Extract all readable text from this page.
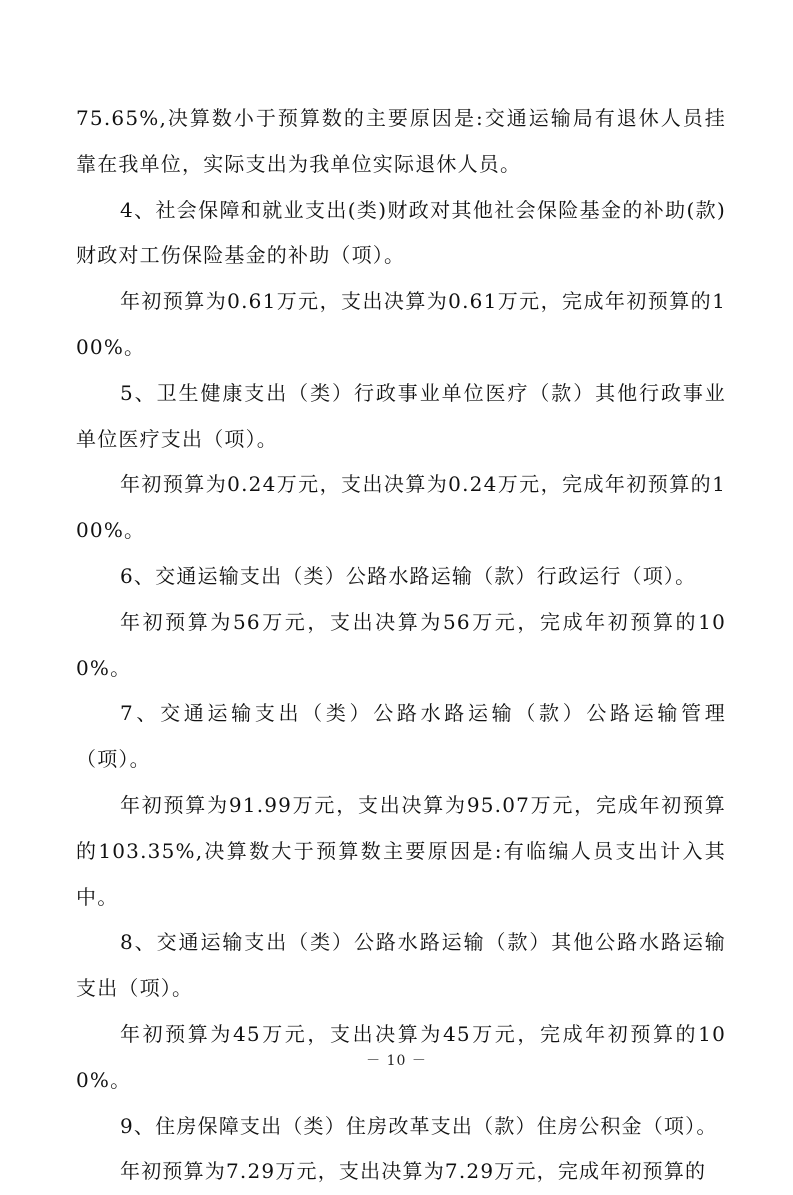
75.65%,决算数小于预算数的主要原因是:交通运输局有退休人员挂靠在我单位，实际支出为我单位实际退休人员。

4、社会保障和就业支出(类)财政对其他社会保险基金的补助(款)财政对工伤保险基金的补助（项）。

年初预算为0.61万元，支出决算为0.61万元，完成年初预算的100%。

5、卫生健康支出（类）行政事业单位医疗（款）其他行政事业单位医疗支出（项）。

年初预算为0.24万元，支出决算为0.24万元，完成年初预算的100%。

6、交通运输支出（类）公路水路运输（款）行政运行（项）。

年初预算为56万元，支出决算为56万元，完成年初预算的100%。

7、交通运输支出（类）公路水路运输（款）公路运输管理（项）。

年初预算为91.99万元，支出决算为95.07万元，完成年初预算的103.35%,决算数大于预算数主要原因是:有临编人员支出计入其中。

8、交通运输支出（类）公路水路运输（款）其他公路水路运输支出（项）。

年初预算为45万元，支出决算为45万元，完成年初预算的100%。

9、住房保障支出（类）住房改革支出（款）住房公积金（项）。

年初预算为7.29万元，支出决算为7.29万元，完成年初预算的

－ 10 －
